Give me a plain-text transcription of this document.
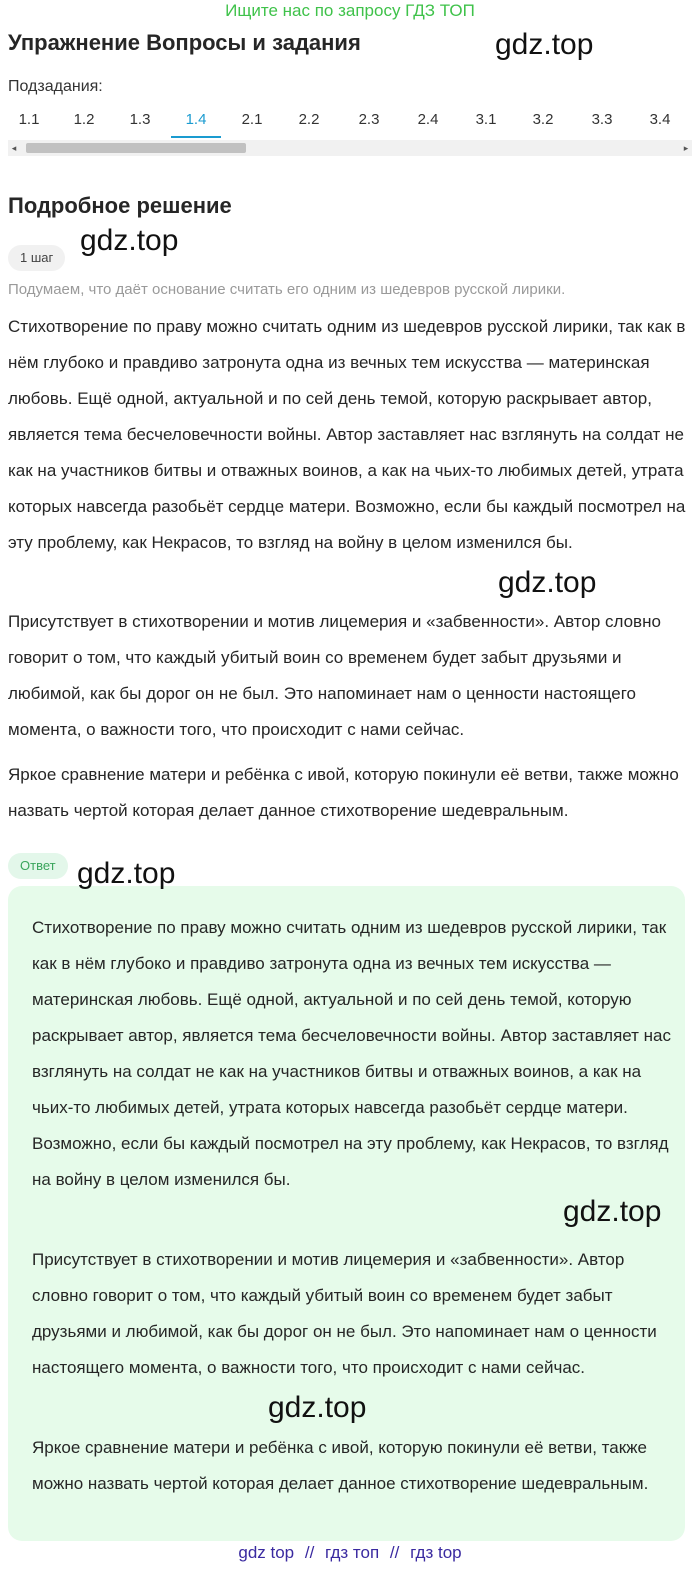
Ищите нас по запросу ГДЗ ТОП
Упражнение Вопросы и задания	gdz.top
Подзадания:
1.1	1.2	1.3	1.4	2.1	2.2	2.3	2.4	3.1	3.2	3.3	3.4
◂	▸
Подробное решение
1 шаг
gdz.top
Подумаем, что даёт основание считать его одним из шедевров русской лирики.

Стихотворение по праву можно считать одним из шедевров русской лирики, так как в нём глубоко и правдиво затронута одна из вечных тем искусства — материнская любовь. Ещё одной, актуальной и по сей день темой, которую раскрывает автор, является тема бесчеловечности войны. Автор заставляет нас взглянуть на солдат не как на участников битвы и отважных воинов, а как на чьих-то любимых детей, утрата которых навсегда разобьёт сердце матери. Возможно, если бы каждый посмотрел на эту проблему, как Некрасов, то взгляд на войну в целом изменился бы.

gdz.top

Присутствует в стихотворении и мотив лицемерия и «забвенности». Автор словно говорит о том, что каждый убитый воин со временем будет забыт друзьями и любимой, как бы дорог он не был. Это напоминает нам о ценности настоящего момента, о важности того, что происходит с нами сейчас.

Яркое сравнение матери и ребёнка с ивой, которую покинули её ветви, также можно назвать чертой которая делает данное стихотворение шедевральным.

Ответ gdz.top

Стихотворение по праву можно считать одним из шедевров русской лирики, так как в нём глубоко и правдиво затронута одна из вечных тем искусства — материнская любовь. Ещё одной, актуальной и по сей день темой, которую раскрывает автор, является тема бесчеловечности войны. Автор заставляет нас взглянуть на солдат не как на участников битвы и отважных воинов, а как на чьих-то любимых детей, утрата которых навсегда разобьёт сердце матери. Возможно, если бы каждый посмотрел на эту проблему, как Некрасов, то взгляд на войну в целом изменился бы.

gdz.top

Присутствует в стихотворении и мотив лицемерия и «забвенности». Автор словно говорит о том, что каждый убитый воин со временем будет забыт друзьями и любимой, как бы дорог он не был. Это напоминает нам о ценности настоящего момента, о важности того, что происходит с нами сейчас.

gdz.top

Яркое сравнение матери и ребёнка с ивой, которую покинули её ветви, также можно назвать чертой которая делает данное стихотворение шедевральным.

gdz top // гдз топ // гдз top
